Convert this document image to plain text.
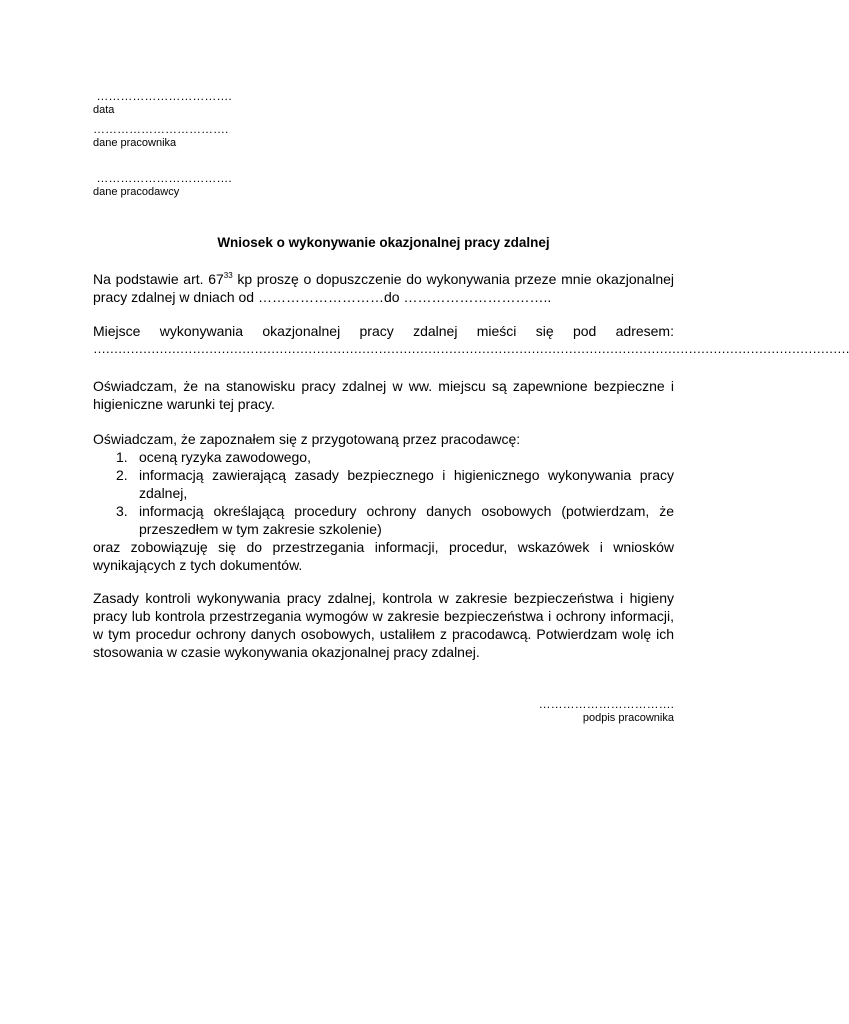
…………………………….
data
…………………………….
dane pracownika
…………………………….
dane pracodawcy
Wniosek o wykonywanie okazjonalnej pracy zdalnej
Na podstawie art. $67^{33}$ kp proszę o dopuszczenie do wykonywania przeze mnie okazjonalnej
pracy zdalnej w dniach od ………………………do …………………………..
Miejsce wykonywania okazjonalnej pracy zdalnej mieści się pod adresem:
…………………………………………………………………………………………………………………………………………………………………
Oświadczam, że na stanowisku pracy zdalnej w ww. miejscu są zapewnione bezpieczne i higieniczne warunki tej pracy.
Oświadczam, że zapoznałem się z przygotowaną przez pracodawcę:
1. oceną ryzyka zawodowego,
2. informacją zawierającą zasady bezpiecznego i higienicznego wykonywania pracy zdalnej,
3. informacją określającą procedury ochrony danych osobowych (potwierdzam, że przeszedłem w tym zakresie szkolenie)
oraz zobowiązuję się do przestrzegania informacji, procedur, wskazówek i wniosków wynikających z tych dokumentów.
Zasady kontroli wykonywania pracy zdalnej, kontrola w zakresie bezpieczeństwa i higieny pracy lub kontrola przestrzegania wymogów w zakresie bezpieczeństwa i ochrony informacji, w tym procedur ochrony danych osobowych, ustaliłem z pracodawcą. Potwierdzam wolę ich stosowania w czasie wykonywania okazjonalnej pracy zdalnej.
…………………………….
podpis pracownika
